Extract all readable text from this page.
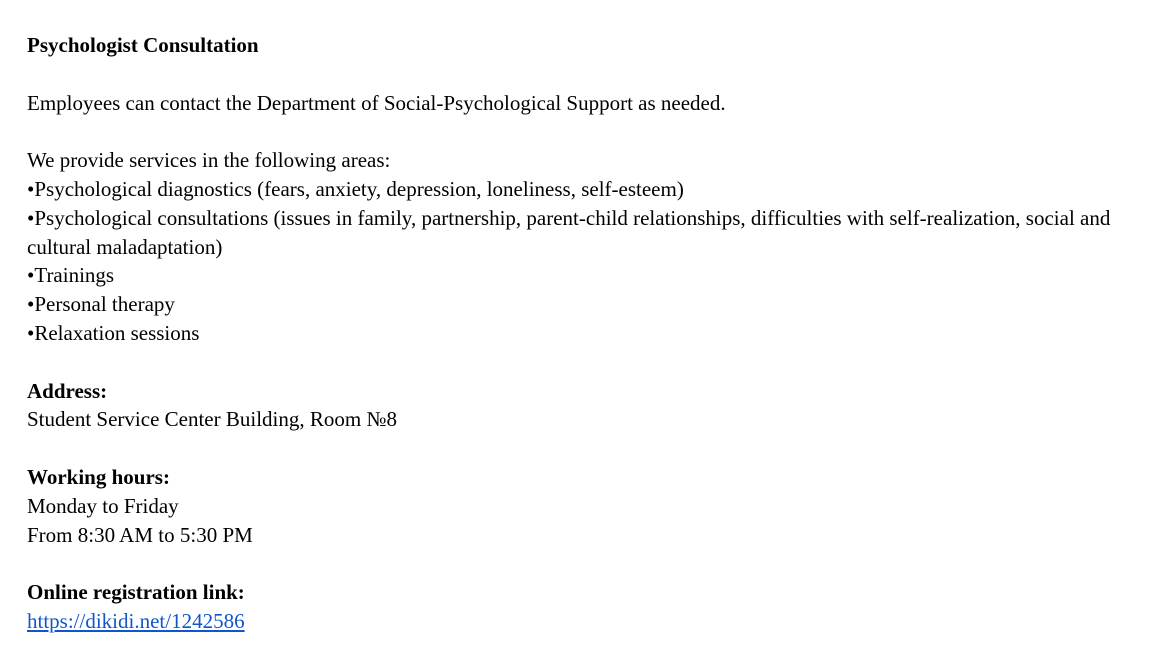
Psychologist Consultation
Employees can contact the Department of Social-Psychological Support as needed.
We provide services in the following areas:
•Psychological diagnostics (fears, anxiety, depression, loneliness, self-esteem)
•Psychological consultations (issues in family, partnership, parent-child relationships, difficulties with self-realization, social and cultural maladaptation)
•Trainings
•Personal therapy
•Relaxation sessions
Address:
Student Service Center Building, Room №8
Working hours:
Monday to Friday
From 8:30 AM to 5:30 PM
Online registration link:
https://dikidi.net/1242586
